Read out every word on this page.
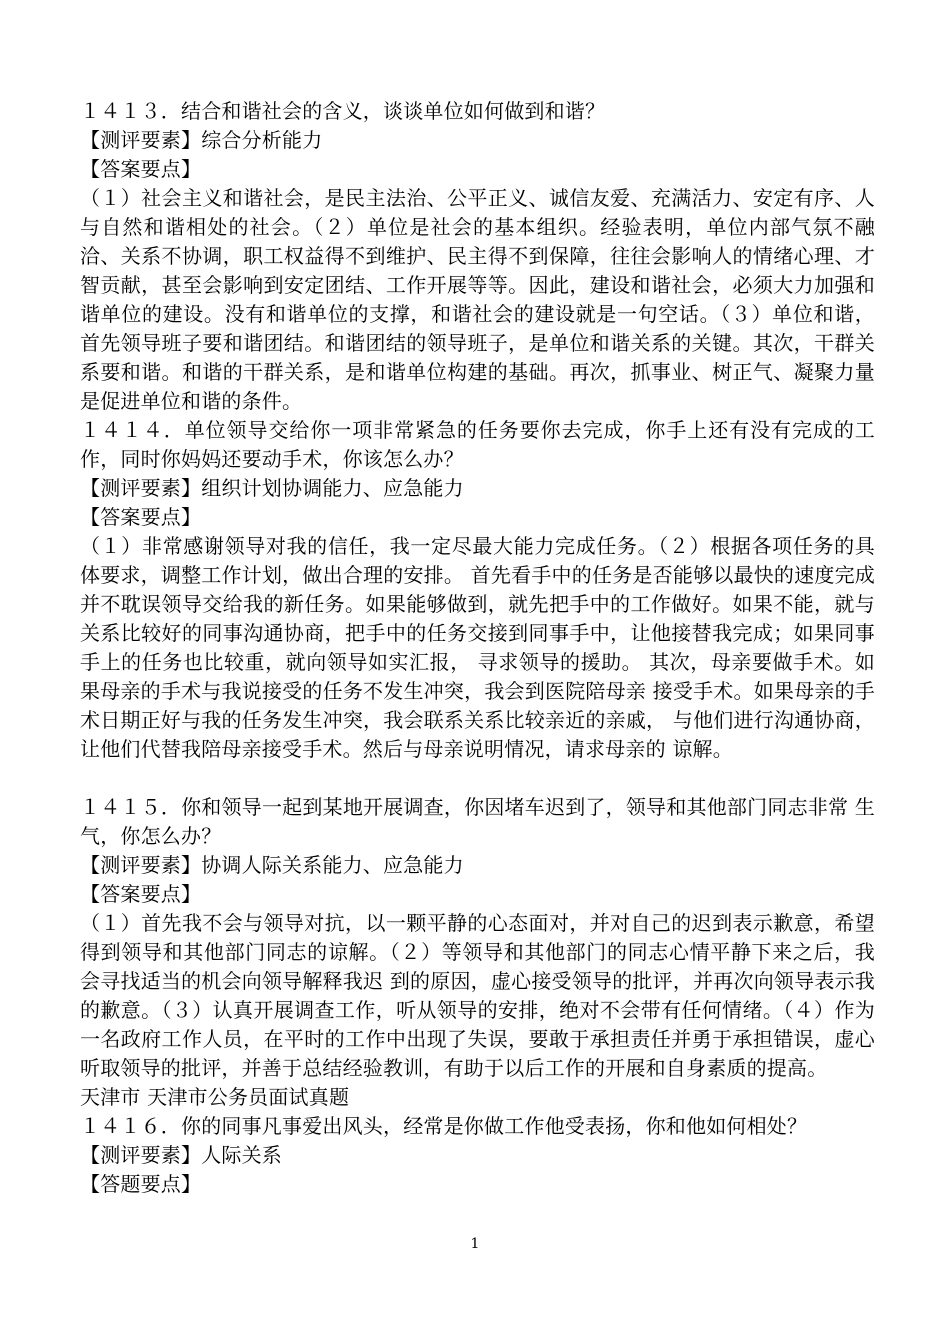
１４１３．结合和谐社会的含义，谈谈单位如何做到和谐？

【测评要素】综合分析能力

【答案要点】

（１）社会主义和谐社会，是民主法治、公平正义、诚信友爱、充满活力、安定有序、人与自然和谐相处的社会。（２）单位是社会的基本组织。经验表明，单位内部气氛不融洽、关系不协调，职工权益得不到维护、民主得不到保障，往往会影响人的情绪心理、才智贡献，甚至会影响到安定团结、工作开展等等。因此，建设和谐社会，必须大力加强和谐单位的建设。没有和谐单位的支撑，和谐社会的建设就是一句空话。（３）单位和谐，首先领导班子要和谐团结。和谐团结的领导班子，是单位和谐关系的关键。其次，干群关系要和谐。和谐的干群关系，是和谐单位构建的基础。再次，抓事业、树正气、凝聚力量是促进单位和谐的条件。

１４１４．单位领导交给你一项非常紧急的任务要你去完成，你手上还有没有完成的工 作，同时你妈妈还要动手术，你该怎么办？

【测评要素】组织计划协调能力、应急能力

【答案要点】

（１）非常感谢领导对我的信任，我一定尽最大能力完成任务。（２）根据各项任务的具体要求，调整工作计划，做出合理的安排。 首先看手中的任务是否能够以最快的速度完成并不耽误领导交给我的新任务。如果能够做到，就先把手中的工作做好。如果不能，就与关系比较好的同事沟通协商，把手中的任务交接到同事手中，让他接替我完成；如果同事手上的任务也比较重，就向领导如实汇报， 寻求领导的援助。 其次，母亲要做手术。如果母亲的手术与我说接受的任务不发生冲突，我会到医院陪母亲 接受手术。如果母亲的手术日期正好与我的任务发生冲突，我会联系关系比较亲近的亲戚， 与他们进行沟通协商，让他们代替我陪母亲接受手术。然后与母亲说明情况，请求母亲的 谅解。

１４１５．你和领导一起到某地开展调查，你因堵车迟到了，领导和其他部门同志非常 生气，你怎么办？

【测评要素】协调人际关系能力、应急能力

【答案要点】

（１）首先我不会与领导对抗，以一颗平静的心态面对，并对自己的迟到表示歉意，希望 得到领导和其他部门同志的谅解。（２）等领导和其他部门的同志心情平静下来之后，我会寻找适当的机会向领导解释我迟 到的原因，虚心接受领导的批评，并再次向领导表示我的歉意。（３）认真开展调查工作，听从领导的安排，绝对不会带有任何情绪。（４）作为一名政府工作人员，在平时的工作中出现了失误，要敢于承担责任并勇于承担错误，虚心听取领导的批评，并善于总结经验教训，有助于以后工作的开展和自身素质的提高。

天津市 天津市公务员面试真题

１４１６．你的同事凡事爱出风头，经常是你做工作他受表扬，你和他如何相处？

【测评要素】人际关系

【答题要点】

1
